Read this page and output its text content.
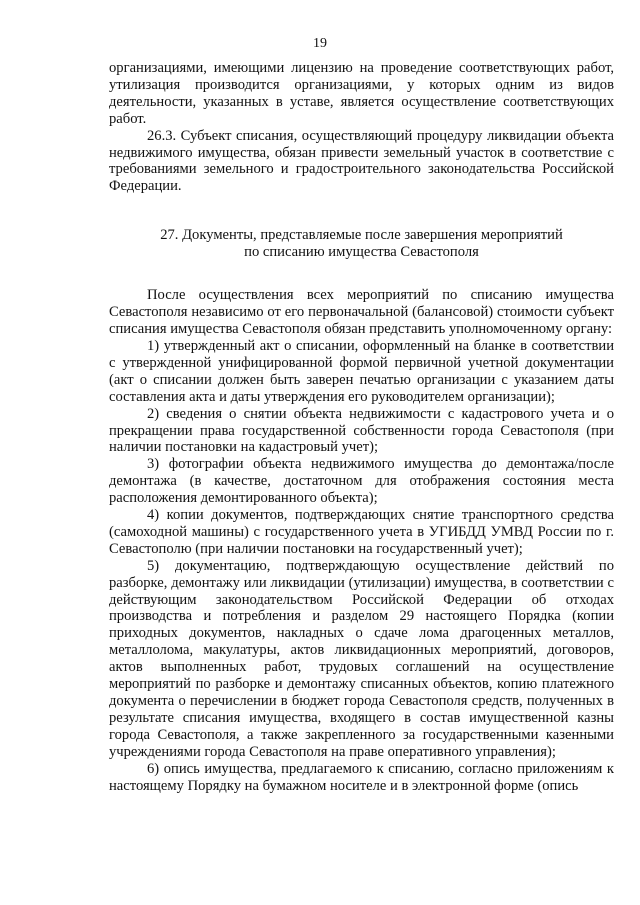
19

организациями, имеющими лицензию на проведение соответствующих работ, утилизация производится организациями, у которых одним из видов деятельности, указанных в уставе, является осуществление соответствующих работ.

26.3. Субъект списания, осуществляющий процедуру ликвидации объекта недвижимого имущества, обязан привести земельный участок в соответствие с требованиями земельного и градостроительного законодательства Российской Федерации.

27. Документы, представляемые после завершения мероприятий
по списанию имущества Севастополя

После осуществления всех мероприятий по списанию имущества Севастополя независимо от его первоначальной (балансовой) стоимости субъект списания имущества Севастополя обязан представить уполномоченному органу:

1) утвержденный акт о списании, оформленный на бланке в соответствии с утвержденной унифицированной формой первичной учетной документации (акт о списании должен быть заверен печатью организации с указанием даты составления акта и даты утверждения его руководителем организации);

2) сведения о снятии объекта недвижимости с кадастрового учета и о прекращении права государственной собственности города Севастополя (при наличии постановки на кадастровый учет);

3) фотографии объекта недвижимого имущества до демонтажа/после демонтажа (в качестве, достаточном для отображения состояния места расположения демонтированного объекта);

4) копии документов, подтверждающих снятие транспортного средства (самоходной машины) с государственного учета в УГИБДД УМВД России по г. Севастополю (при наличии постановки на государственный учет);

5) документацию, подтверждающую осуществление действий по разборке, демонтажу или ликвидации (утилизации) имущества, в соответствии с действующим законодательством Российской Федерации об отходах производства и потребления и разделом 29 настоящего Порядка (копии приходных документов, накладных о сдаче лома драгоценных металлов, металлолома, макулатуры, актов ликвидационных мероприятий, договоров, актов выполненных работ, трудовых соглашений на осуществление мероприятий по разборке и демонтажу списанных объектов, копию платежного документа о перечислении в бюджет города Севастополя средств, полученных в результате списания имущества, входящего в состав имущественной казны города Севастополя, а также закрепленного за государственными казенными учреждениями города Севастополя на праве оперативного управления);

6) опись имущества, предлагаемого к списанию, согласно приложениям к настоящему Порядку на бумажном носителе и в электронной форме (опись
